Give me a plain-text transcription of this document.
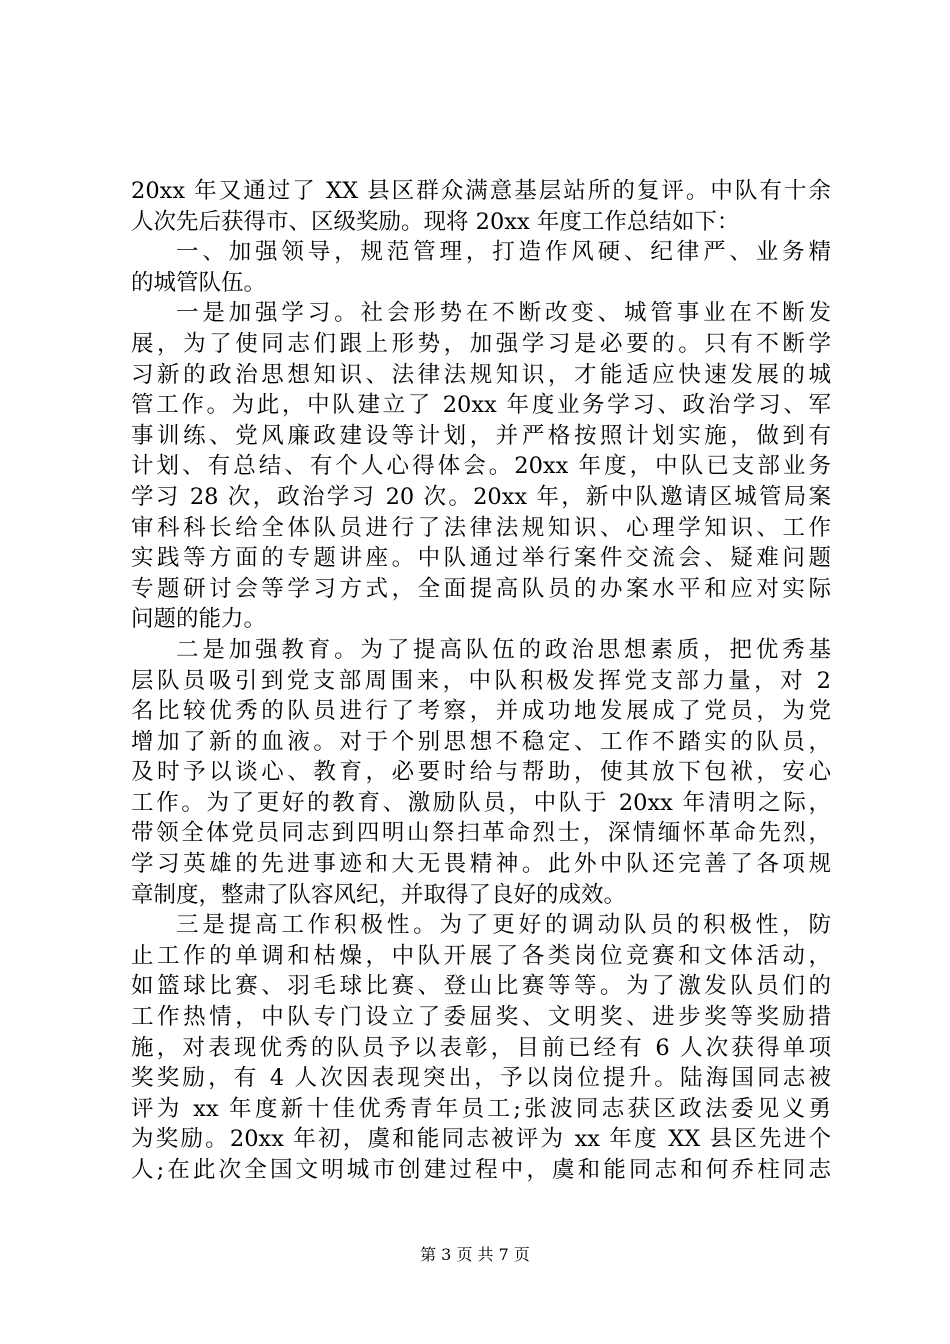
20xx 年又通过了 XX 县区群众满意基层站所的复评。中队有十余
人次先后获得市、区级奖励。现将 20xx 年度工作总结如下：
一、加强领导，规范管理，打造作风硬、纪律严、业务精
的城管队伍。
一是加强学习。社会形势在不断改变、城管事业在不断发
展，为了使同志们跟上形势，加强学习是必要的。只有不断学
习新的政治思想知识、法律法规知识，才能适应快速发展的城
管工作。为此，中队建立了 20xx 年度业务学习、政治学习、军
事训练、党风廉政建设等计划，并严格按照计划实施，做到有
计划、有总结、有个人心得体会。20xx 年度，中队已支部业务
学习 28 次，政治学习 20 次。20xx 年，新中队邀请区城管局案
审科科长给全体队员进行了法律法规知识、心理学知识、工作
实践等方面的专题讲座。中队通过举行案件交流会、疑难问题
专题研讨会等学习方式，全面提高队员的办案水平和应对实际
问题的能力。
二是加强教育。为了提高队伍的政治思想素质，把优秀基
层队员吸引到党支部周围来，中队积极发挥党支部力量，对 2
名比较优秀的队员进行了考察，并成功地发展成了党员，为党
增加了新的血液。对于个别思想不稳定、工作不踏实的队员，
及时予以谈心、教育，必要时给与帮助，使其放下包袱，安心
工作。为了更好的教育、激励队员，中队于 20xx 年清明之际，
带领全体党员同志到四明山祭扫革命烈士，深情缅怀革命先烈，
学习英雄的先进事迹和大无畏精神。此外中队还完善了各项规
章制度，整肃了队容风纪，并取得了良好的成效。
三是提高工作积极性。为了更好的调动队员的积极性，防
止工作的单调和枯燥，中队开展了各类岗位竞赛和文体活动，
如篮球比赛、羽毛球比赛、登山比赛等等。为了激发队员们的
工作热情，中队专门设立了委屈奖、文明奖、进步奖等奖励措
施，对表现优秀的队员予以表彰，目前已经有 6 人次获得单项
奖奖励，有 4 人次因表现突出，予以岗位提升。陆海国同志被
评为 xx 年度新十佳优秀青年员工;张波同志获区政法委见义勇
为奖励。20xx 年初，虞和能同志被评为 xx 年度 XX 县区先进个
人;在此次全国文明城市创建过程中，虞和能同志和何乔柱同志
第 3 页 共 7 页
